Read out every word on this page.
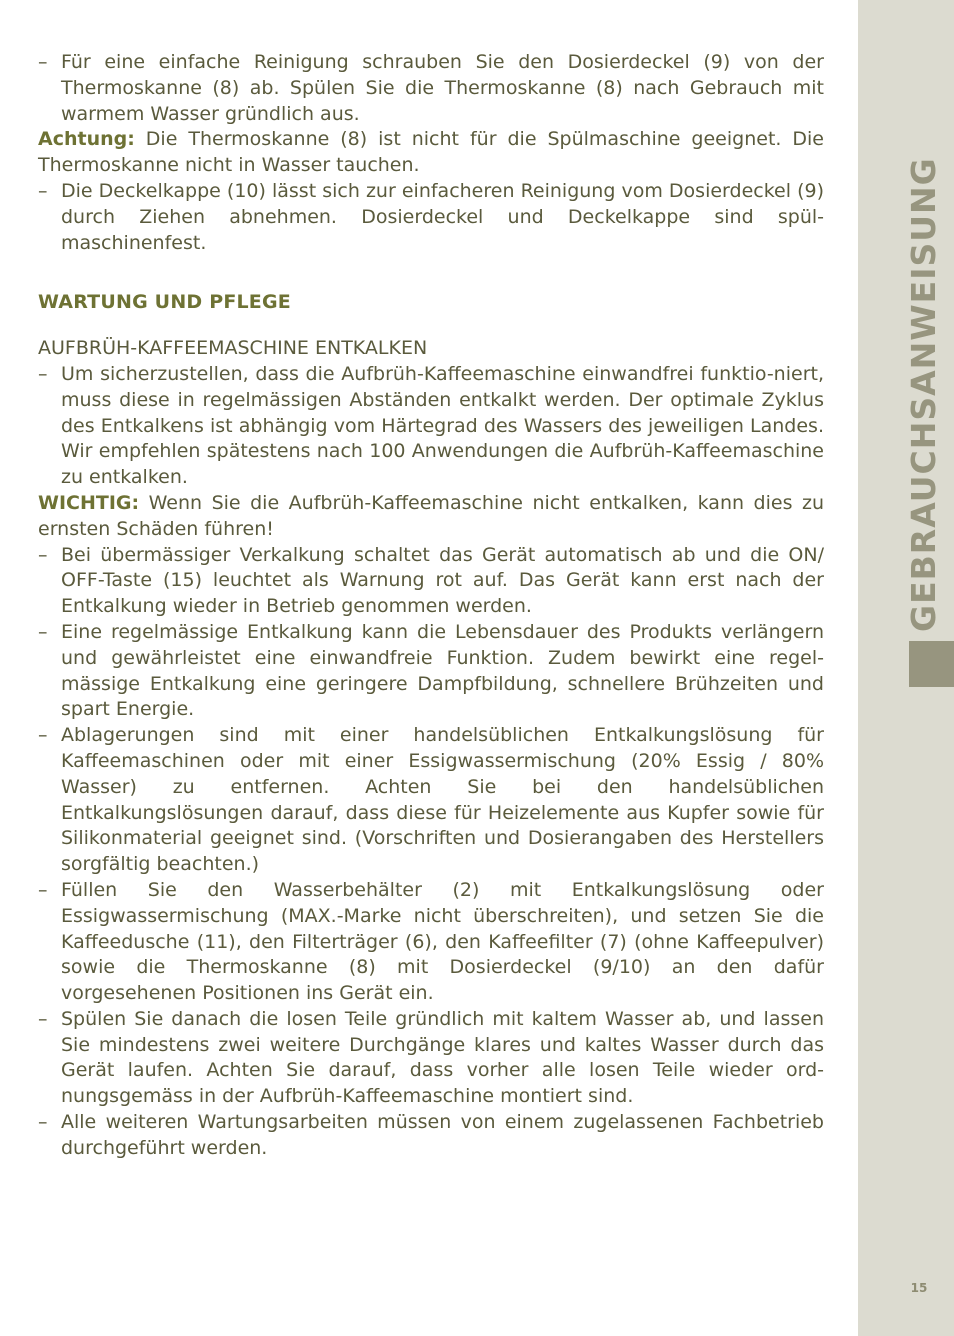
GEBRAUCHSANWEISUNG
15

– Für eine einfache Reinigung schrauben Sie den Dosierdeckel (9) von der Thermoskanne (8) ab. Spülen Sie die Thermoskanne (8) nach Gebrauch mit warmem Wasser gründlich aus.

Achtung: Die Thermoskanne (8) ist nicht für die Spülmaschine geeignet. Die Thermoskanne nicht in Wasser tauchen.

– Die Deckelkappe (10) lässt sich zur einfacheren Reinigung vom Dosierdeckel (9) durch Ziehen abnehmen. Dosierdeckel und Deckelkappe sind spül-maschinenfest.

WARTUNG UND PFLEGE

AUFBRÜH-KAFFEEMASCHINE ENTKALKEN

– Um sicherzustellen, dass die Aufbrüh-Kaffeemaschine einwandfrei funktio-niert, muss diese in regelmässigen Abständen entkalkt werden. Der optimale Zyklus des Entkalkens ist abhängig vom Härtegrad des Wassers des jeweiligen Landes. Wir empfehlen spätestens nach 100 Anwendungen die Aufbrüh-Kaffeemaschine zu entkalken.

WICHTIG: Wenn Sie die Aufbrüh-Kaffeemaschine nicht entkalken, kann dies zu ernsten Schäden führen!

– Bei übermässiger Verkalkung schaltet das Gerät automatisch ab und die ON/ OFF-Taste (15) leuchtet als Warnung rot auf. Das Gerät kann erst nach der Entkalkung wieder in Betrieb genommen werden.

– Eine regelmässige Entkalkung kann die Lebensdauer des Produkts verlängern und gewährleistet eine einwandfreie Funktion. Zudem bewirkt eine regel-mässige Entkalkung eine geringere Dampfbildung, schnellere Brühzeiten und spart Energie.

– Ablagerungen sind mit einer handelsüblichen Entkalkungslösung für Kaffeemaschinen oder mit einer Essigwassermischung (20% Essig / 80% Wasser) zu entfernen. Achten Sie bei den handelsüblichen Entkalkungslösungen darauf, dass diese für Heizelemente aus Kupfer sowie für Silikonmaterial geeignet sind. (Vorschriften und Dosierangaben des Herstellers sorgfältig beachten.)

– Füllen Sie den Wasserbehälter (2) mit Entkalkungslösung oder Essigwassermischung (MAX.-Marke nicht überschreiten), und setzen Sie die Kaffeedusche (11), den Filterträger (6), den Kaffeefilter (7) (ohne Kaffeepulver) sowie die Thermoskanne (8) mit Dosierdeckel (9/10) an den dafür vorgesehenen Positionen ins Gerät ein.

– Spülen Sie danach die losen Teile gründlich mit kaltem Wasser ab, und lassen Sie mindestens zwei weitere Durchgänge klares und kaltes Wasser durch das Gerät laufen. Achten Sie darauf, dass vorher alle losen Teile wieder ord-nungsgemäss in der Aufbrüh-Kaffeemaschine montiert sind.

– Alle weiteren Wartungsarbeiten müssen von einem zugelassenen Fachbetrieb durchgeführt werden.
